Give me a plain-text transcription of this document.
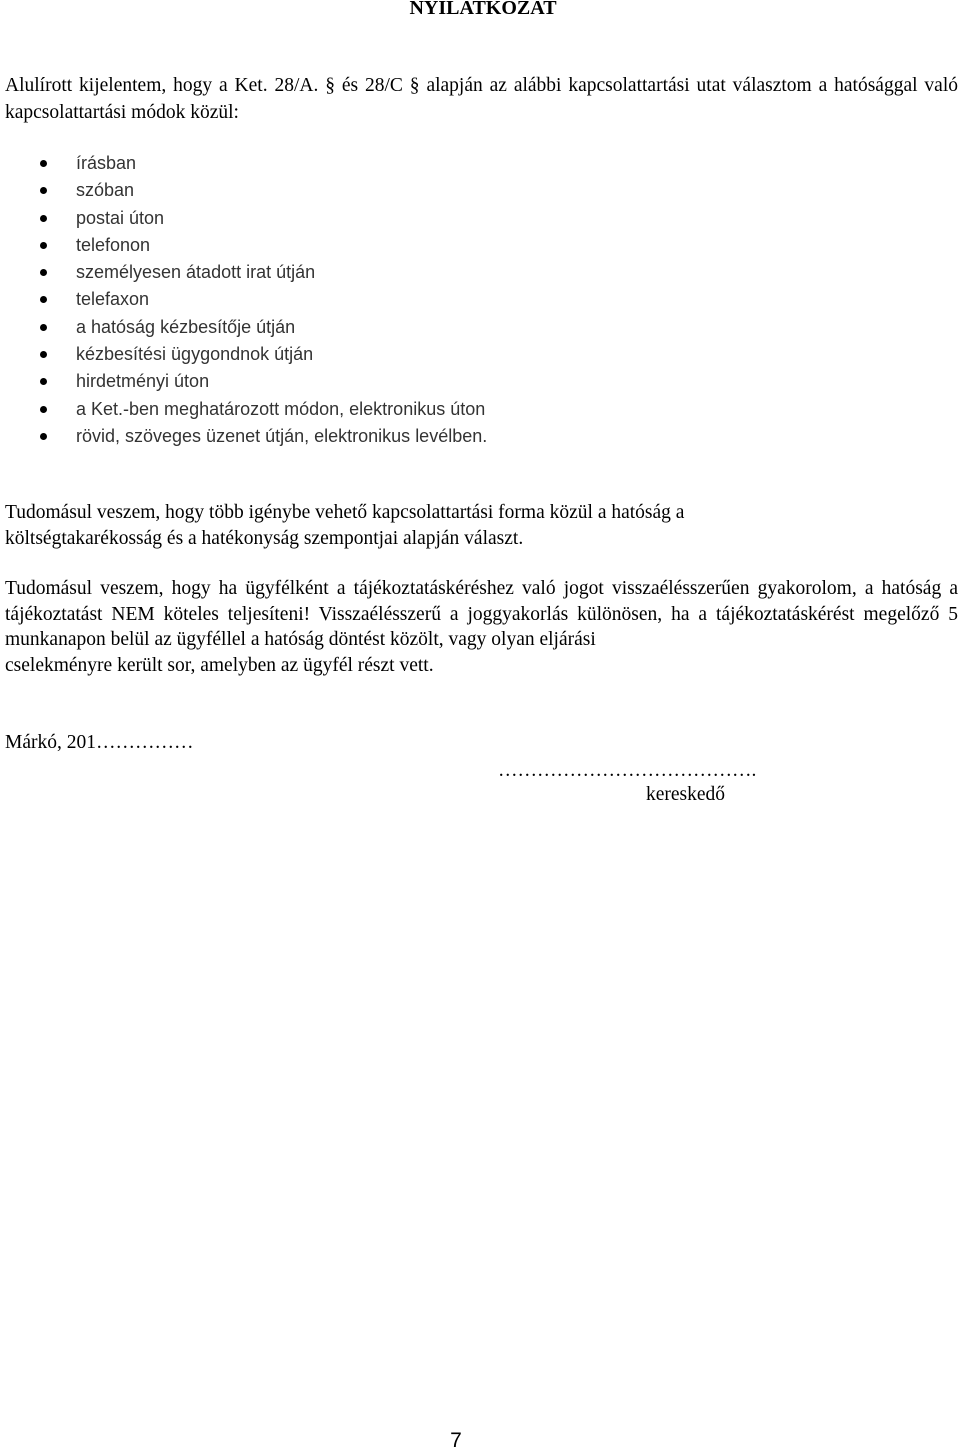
NYILATKOZAT

Alulírott kijelentem, hogy a Ket. 28/A. § és 28/C § alapján az alábbi kapcsolattartási utat választom a hatósággal való kapcsolattartási módok közül:

írásban
szóban
postai úton
telefonon
személyesen átadott irat útján
telefaxon
a hatóság kézbesítője útján
kézbesítési ügygondnok útján
hirdetményi úton
a Ket.-ben meghatározott módon, elektronikus úton
rövid, szöveges üzenet útján, elektronikus levélben.

Tudomásul veszem, hogy több igénybe vehető kapcsolattartási forma közül a hatóság a
költségtakarékosság és a hatékonyság szempontjai alapján választ.

Tudomásul veszem, hogy ha ügyfélként a tájékoztatáskéréshez való jogot visszaélésszerűen gyakorolom, a hatóság a tájékoztatást NEM köteles teljesíteni! Visszaélésszerű a joggyakorlás különösen, ha a tájékoztatáskérést megelőző 5 munkanapon belül az ügyféllel a hatóság döntést közölt, vagy olyan eljárási
cselekményre került sor, amelyben az ügyfél részt vett.

Márkó, 201……………

………………………………….

kereskedő

7
